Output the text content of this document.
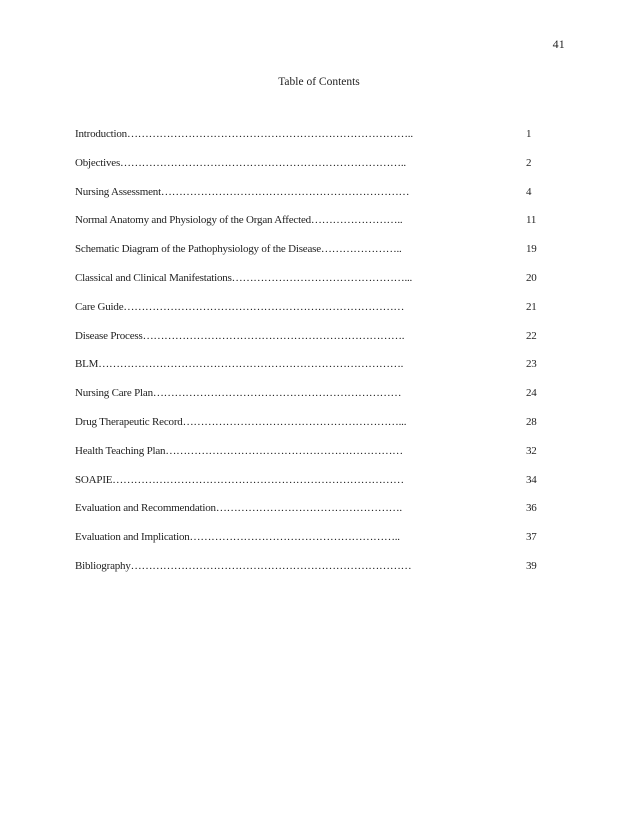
41
Table of Contents
Introduction……………………………………………………………………..	1
Objectives……………………………………………………………………..	2
Nursing Assessment……………………………………………………………	4
Normal Anatomy and Physiology of the Organ Affected……………………..	11
Schematic Diagram of the Pathophysiology of the Disease…………………..	19
Classical and Clinical Manifestations…………………………………………...	20
Care Guide……………………………………………………………………	21
Disease Process……………………………………………………………….	22
BLM………………………………………………………………………….	23
Nursing Care Plan……………………………………………………………	24
Drug Therapeutic Record……………………………………………………...	28
Health Teaching Plan…………………………………………………………	32
SOAPIE………………………………………………………………………	34
Evaluation and Recommendation…………………………………………….	36
Evaluation and Implication…………………………………………………..	37
Bibliography……………………………………………………………………	39
